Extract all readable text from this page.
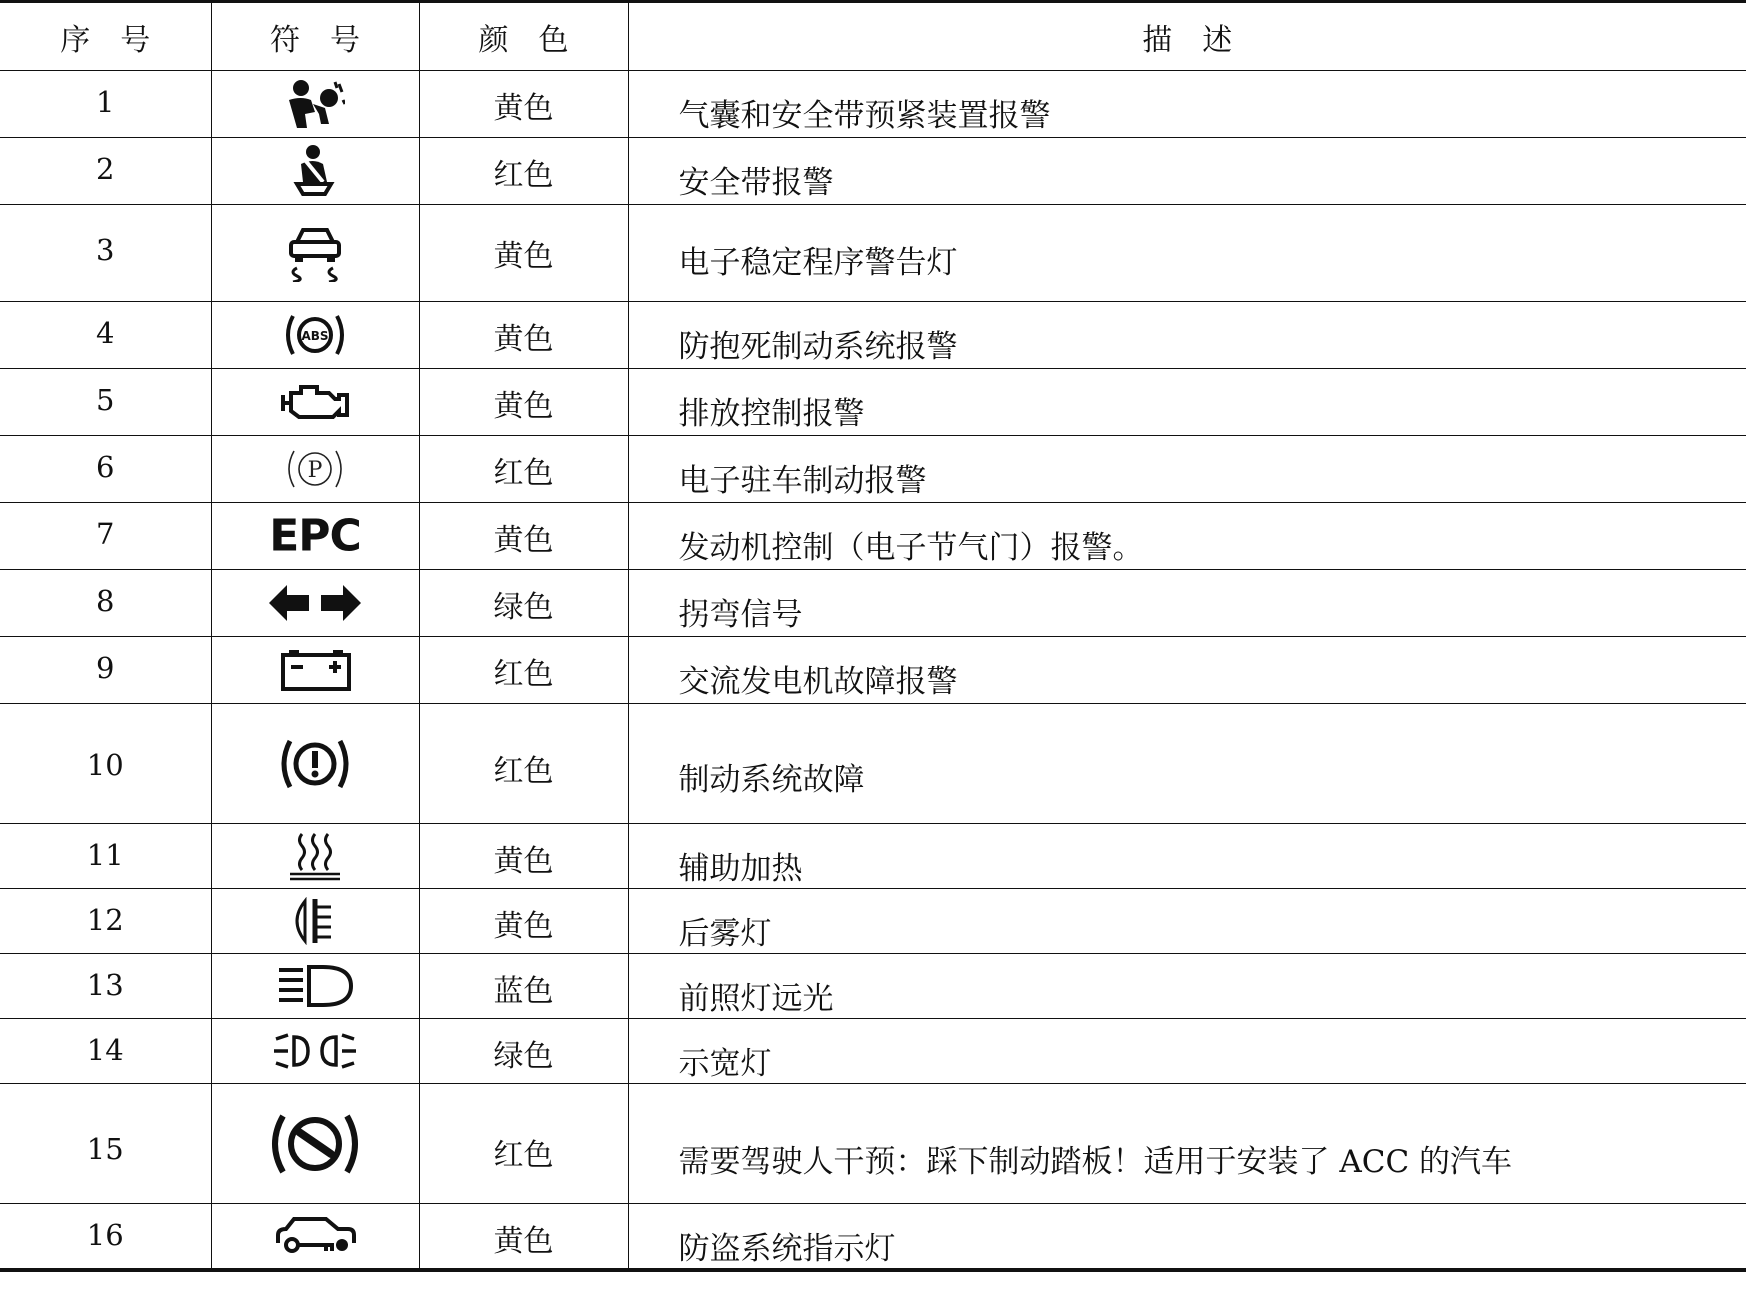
序　号	符　号	颜　色	描　述
1		黄色	气囊和安全带预紧装置报警
2		红色	安全带报警
3		黄色	电子稳定程序警告灯
4	ABS	黄色	防抱死制动系统报警
5		黄色	排放控制报警
6	P	红色	电子驻车制动报警
7	EPC	黄色	发动机控制（电子节气门）报警。
8		绿色	拐弯信号
9		红色	交流发电机故障报警
10		红色	制动系统故障
11		黄色	辅助加热
12		黄色	后雾灯
13		蓝色	前照灯远光
14		绿色	示宽灯
15		红色	需要驾驶人干预：踩下制动踏板！适用于安装了 ACC 的汽车
16		黄色	防盗系统指示灯
